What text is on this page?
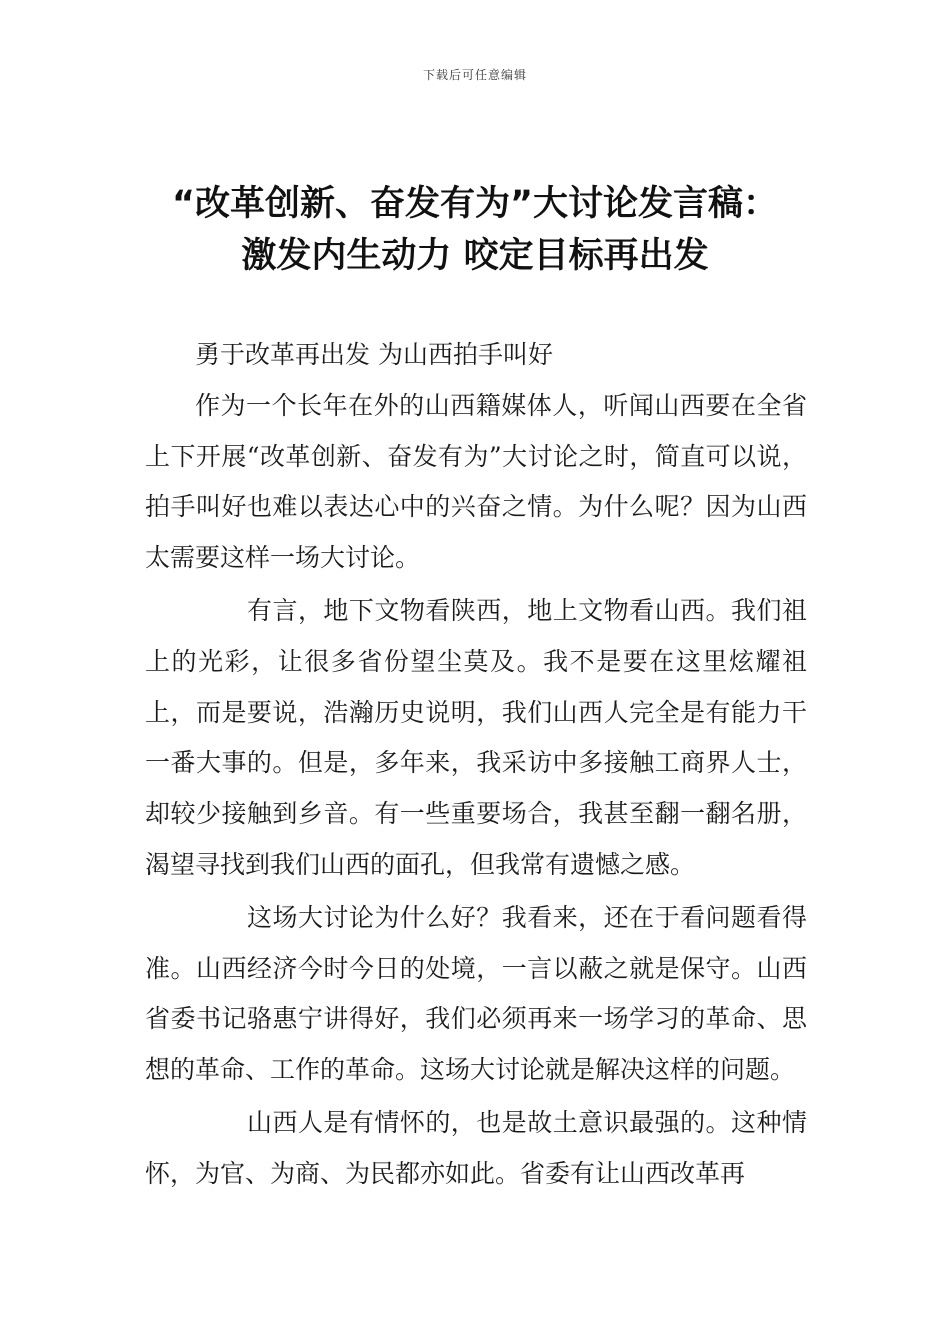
下载后可任意编辑
“改革创新、奋发有为”大讨论发言稿：
激发内生动力 咬定目标再出发

勇于改革再出发 为山西拍手叫好

作为一个长年在外的山西籍媒体人，听闻山西要在全省上下开展“改革创新、奋发有为”大讨论之时，简直可以说，拍手叫好也难以表达心中的兴奋之情。为什么呢？因为山西太需要这样一场大讨论。

有言，地下文物看陕西，地上文物看山西。我们祖上的光彩，让很多省份望尘莫及。我不是要在这里炫耀祖上，而是要说，浩瀚历史说明，我们山西人完全是有能力干一番大事的。但是，多年来，我采访中多接触工商界人士，却较少接触到乡音。有一些重要场合，我甚至翻一翻名册，渴望寻找到我们山西的面孔，但我常有遗憾之感。

这场大讨论为什么好？我看来，还在于看问题看得准。山西经济今时今日的处境，一言以蔽之就是保守。山西省委书记骆惠宁讲得好，我们必须再来一场学习的革命、思想的革命、工作的革命。这场大讨论就是解决这样的问题。

山西人是有情怀的，也是故土意识最强的。这种情怀，为官、为商、为民都亦如此。省委有让山西改革再
